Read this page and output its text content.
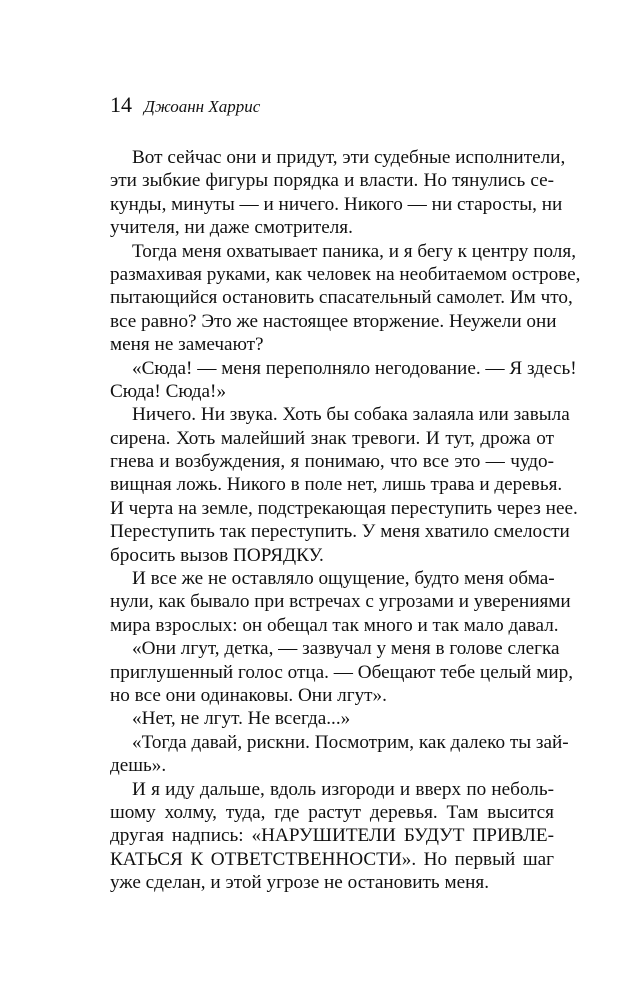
14 Джоанн Харрис
Вот сейчас они и придут, эти судебные исполнители,
эти зыбкие фигуры порядка и власти. Но тянулись се-
кунды, минуты — и ничего. Никого — ни старосты, ни
учителя, ни даже смотрителя.
Тогда меня охватывает паника, и я бегу к центру поля,
размахивая руками, как человек на необитаемом острове,
пытающийся остановить спасательный самолет. Им что,
все равно? Это же настоящее вторжение. Неужели они
меня не замечают?
«Сюда! — меня переполняло негодование. — Я здесь!
Сюда! Сюда!»
Ничего. Ни звука. Хоть бы собака залаяла или завыла
сирена. Хоть малейший знак тревоги. И тут, дрожа от
гнева и возбуждения, я понимаю, что все это — чудо-
вищная ложь. Никого в поле нет, лишь трава и деревья.
И черта на земле, подстрекающая переступить через нее.
Переступить так переступить. У меня хватило смелости
бросить вызов ПОРЯДКУ.
И все же не оставляло ощущение, будто меня обма-
нули, как бывало при встречах с угрозами и уверениями
мира взрослых: он обещал так много и так мало давал.
«Они лгут, детка, — зазвучал у меня в голове слегка
приглушенный голос отца. — Обещают тебе целый мир,
но все они одинаковы. Они лгут».
«Нет, не лгут. Не всегда...»
«Тогда давай, рискни. Посмотрим, как далеко ты зай-
дешь».
И я иду дальше, вдоль изгороди и вверх по неболь-
шому холму, туда, где растут деревья. Там высится
другая надпись: «НАРУШИТЕЛИ БУДУТ ПРИВЛЕ-
КАТЬСЯ К ОТВЕТСТВЕННОСТИ». Но первый шаг
уже сделан, и этой угрозе не остановить меня.
